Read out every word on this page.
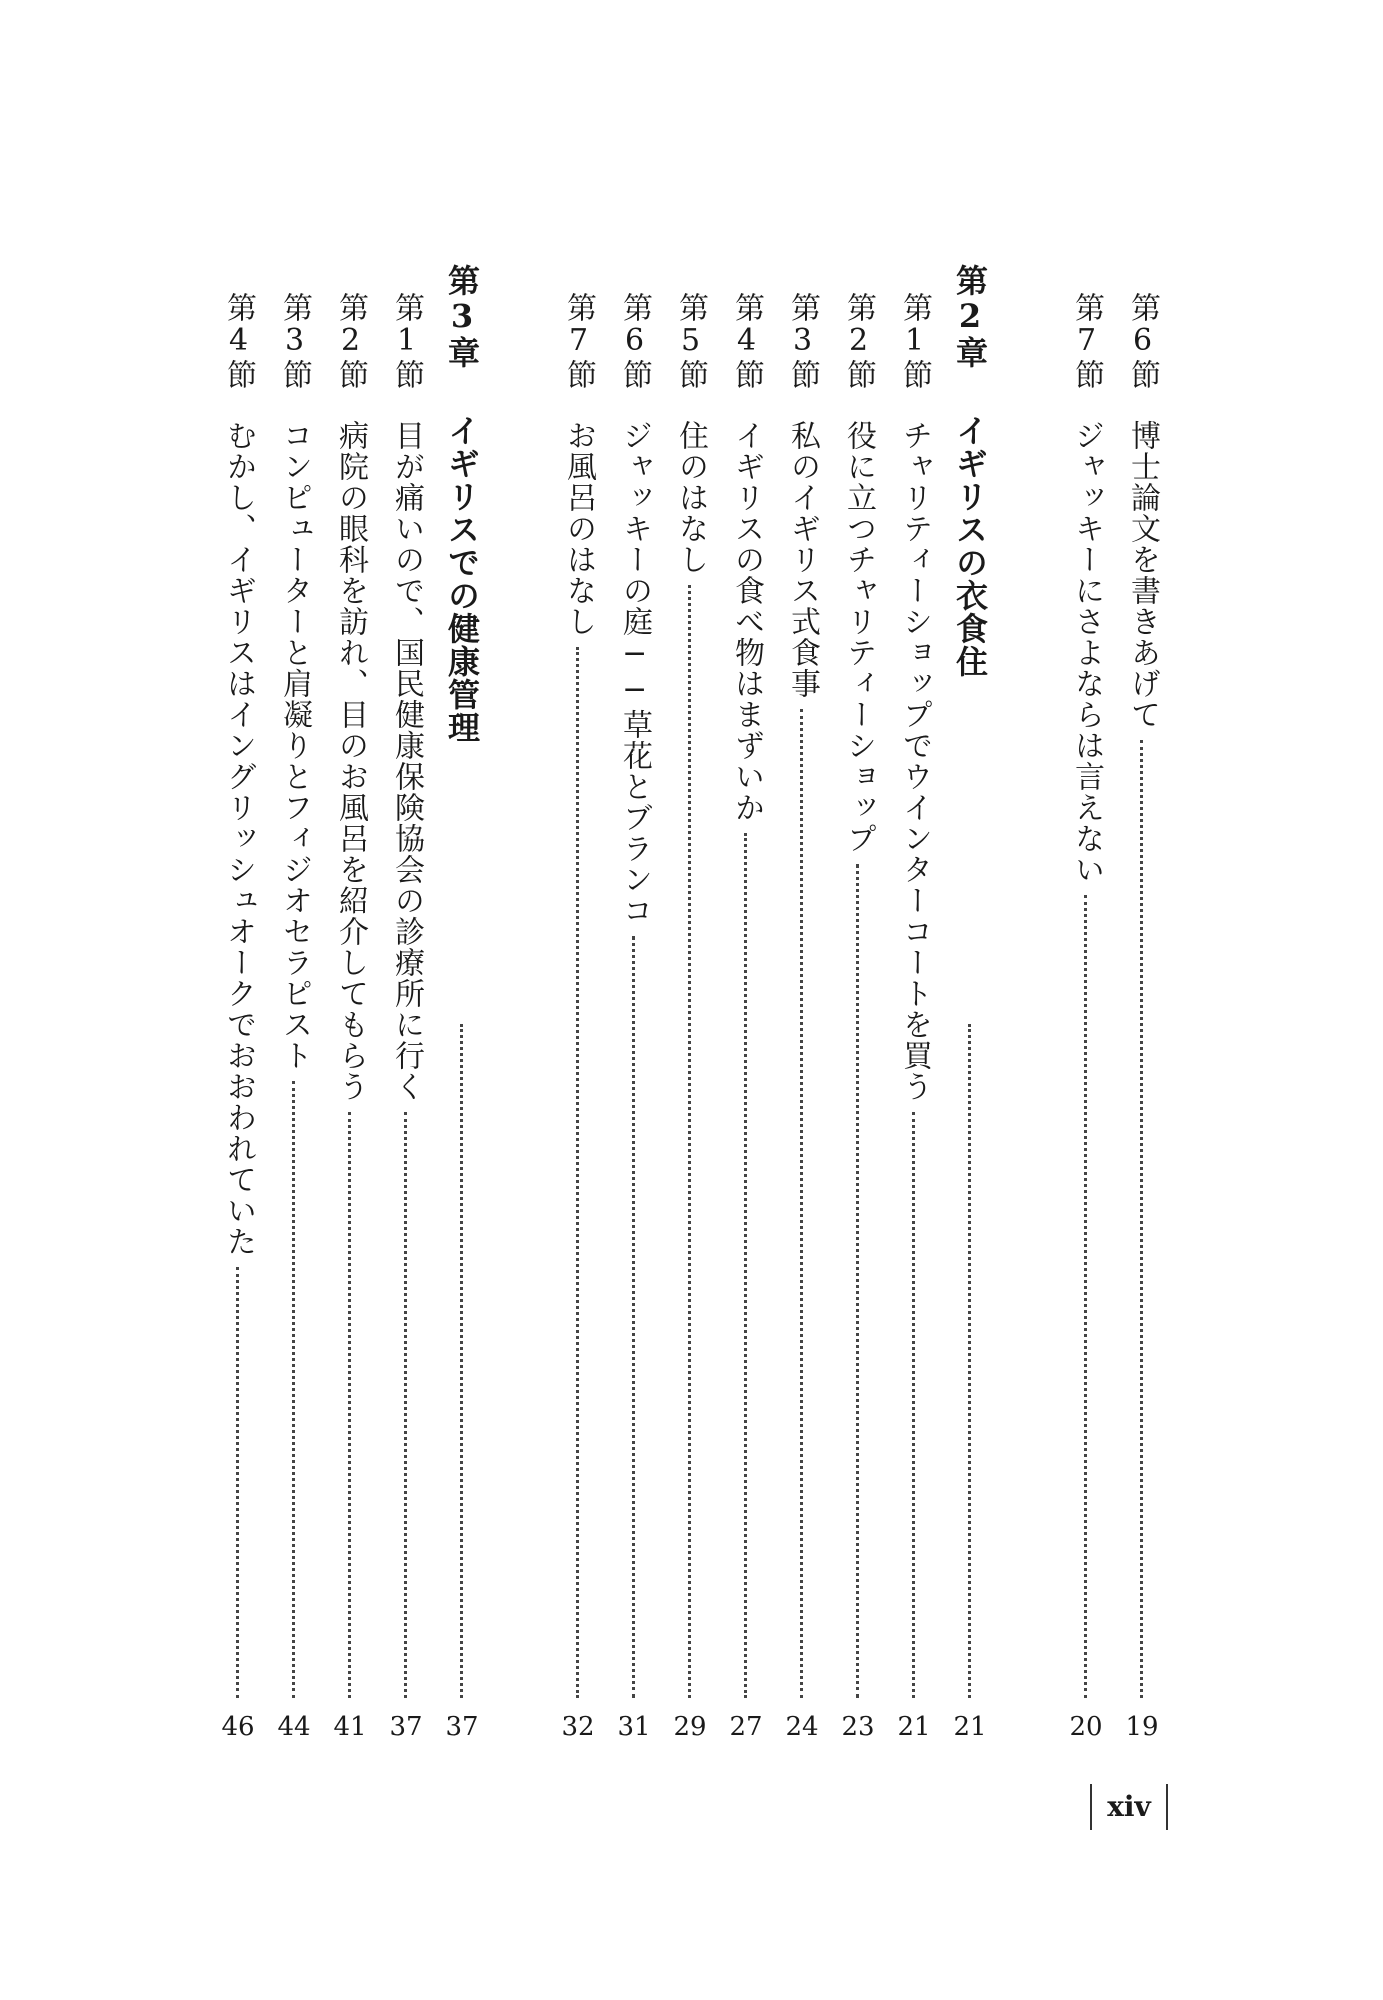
第6節
博士論文を書きあげて
19
第7節
ジャッキーにさよならは言えない
20
第2章
イギリスの衣食住
21
第1節
チャリティーショップでウインターコートを買う
21
第2節
役に立つチャリティーショップ
23
第3節
私のイギリス式食事
24
第4節
イギリスの食べ物はまずいか
27
第5節
住のはなし
29
第6節
ジャッキーの庭──草花とブランコ
31
第7節
お風呂のはなし
32
第3章
イギリスでの健康管理
37
第1節
目が痛いので、国民健康保険協会の診療所に行く
37
第2節
病院の眼科を訪れ、目のお風呂を紹介してもらう
41
第3節
コンピューターと肩凝りとフィジオセラピスト
44
第4節
むかし、イギリスはイングリッシュオークでおおわれていた
46
xiv
